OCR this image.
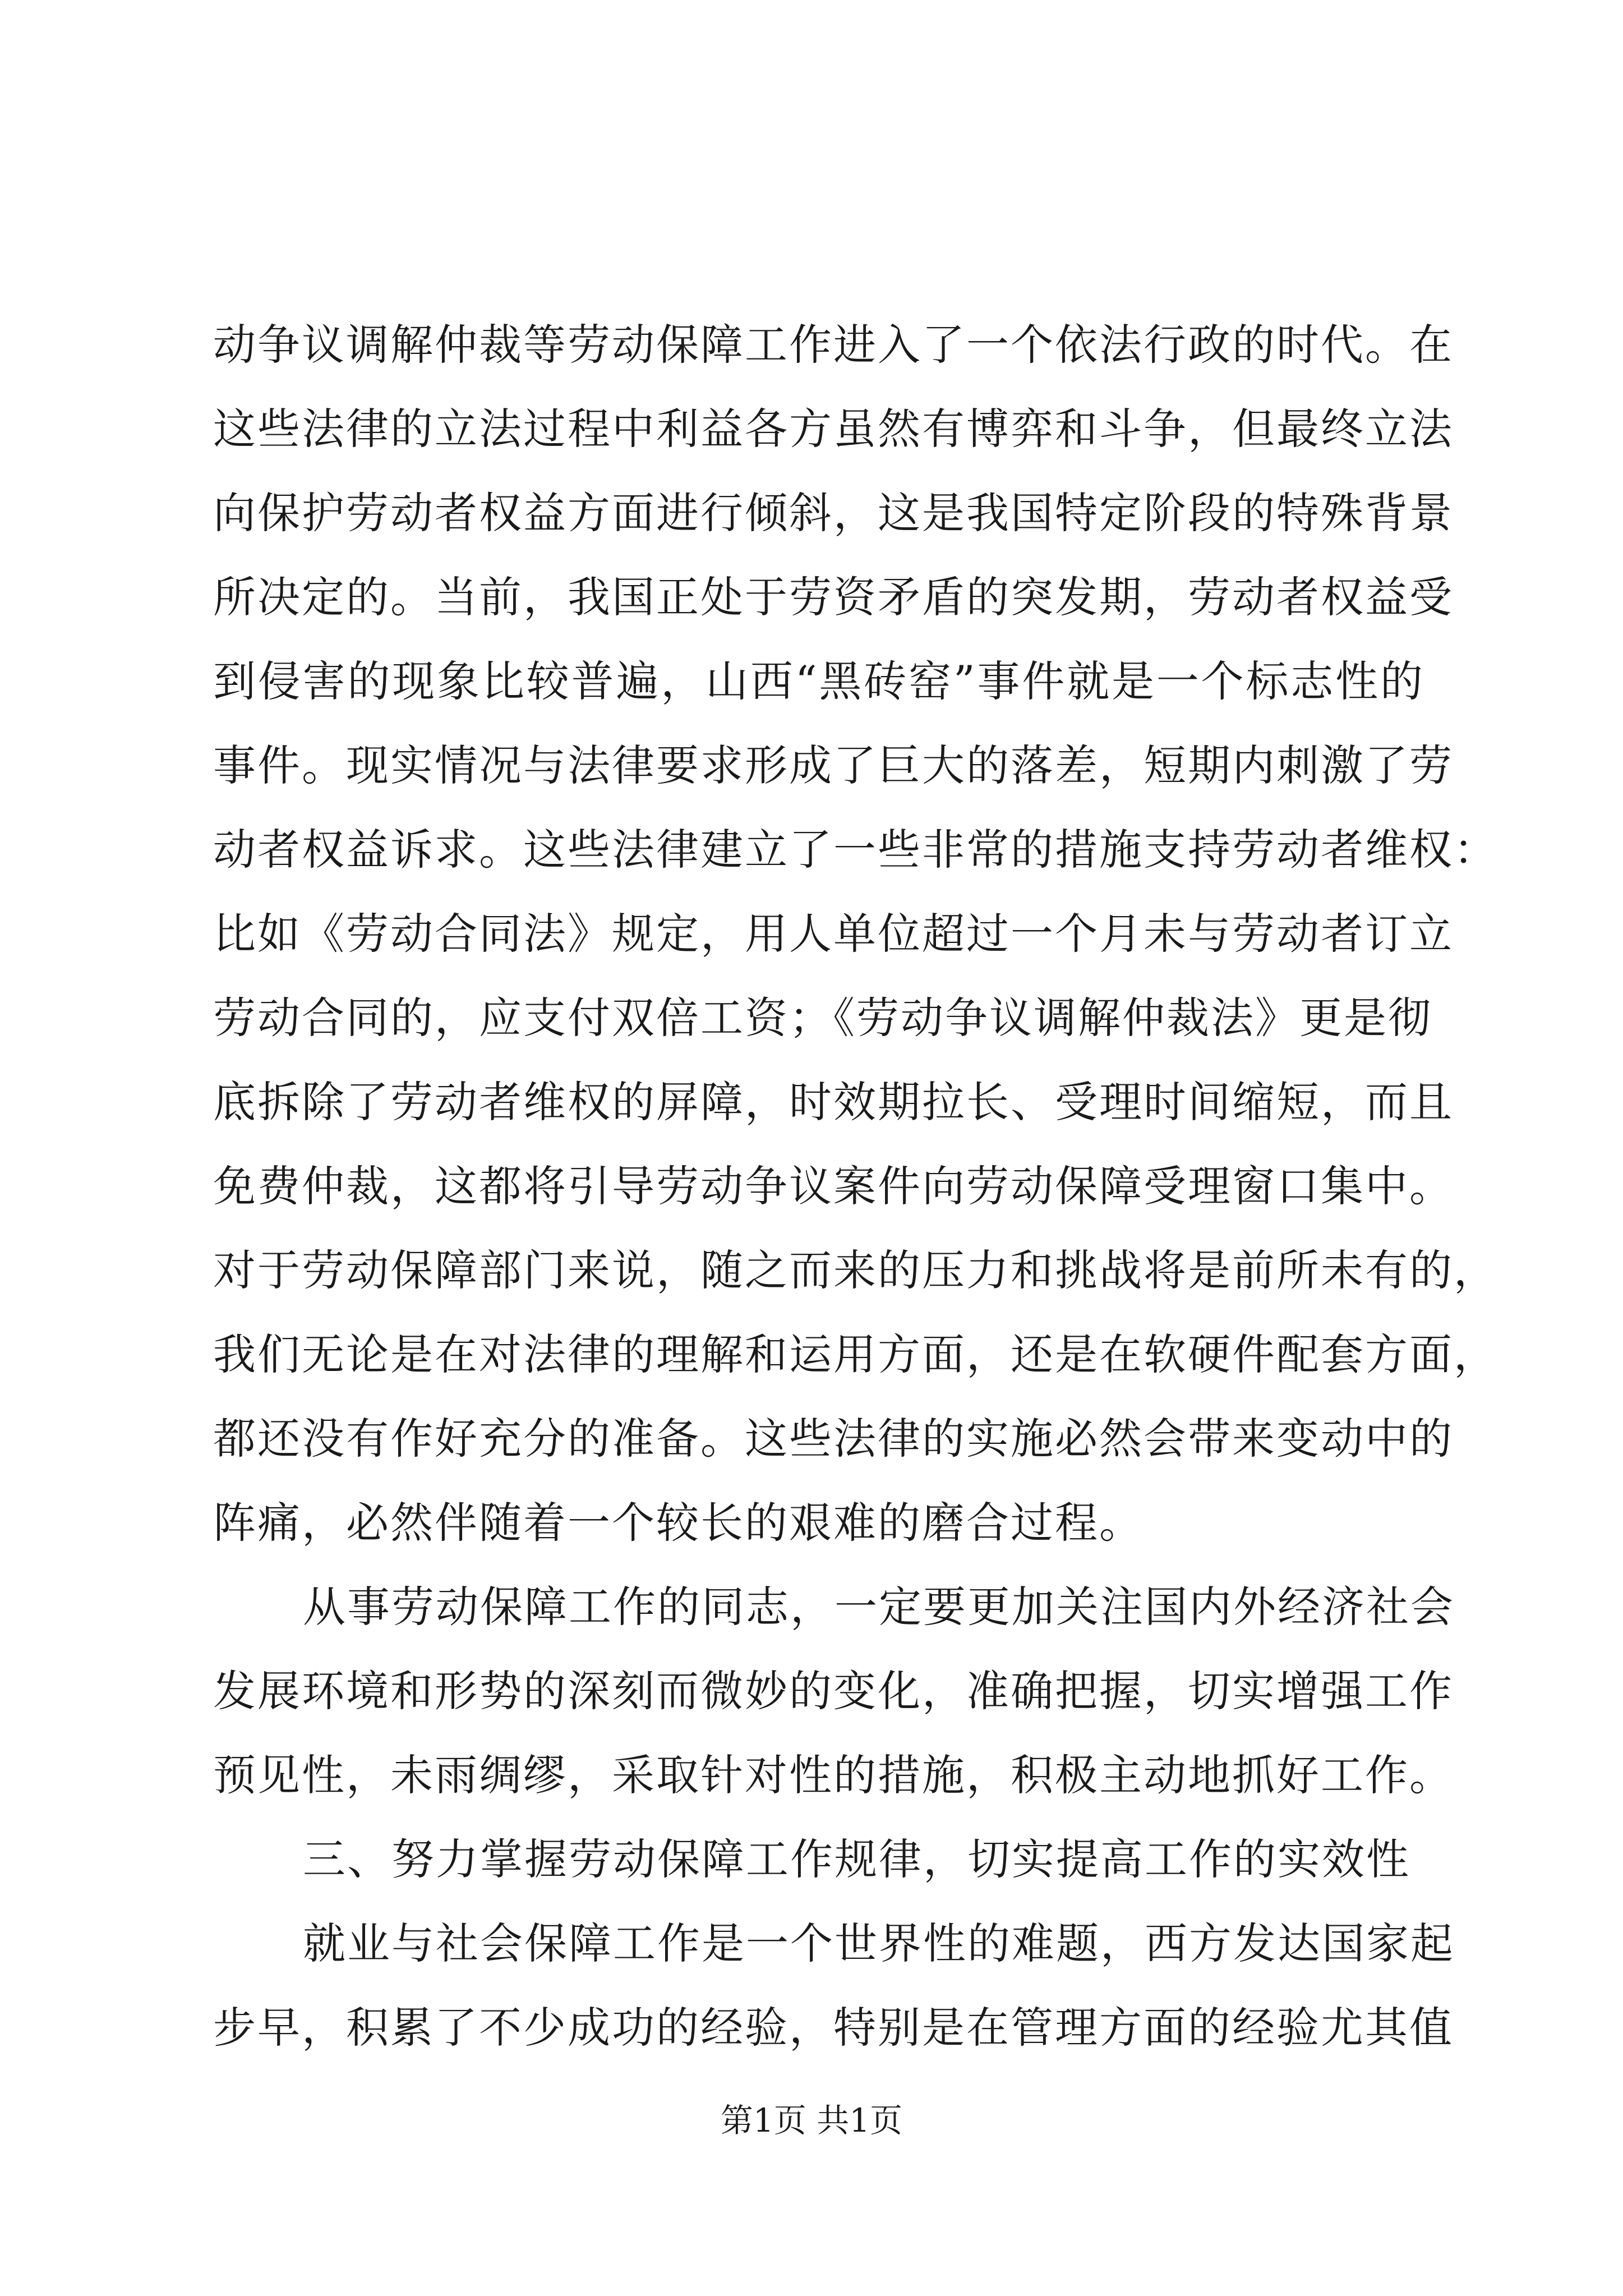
动争议调解仲裁等劳动保障工作进入了一个依法行政的时代。在
这些法律的立法过程中利益各方虽然有博弈和斗争，但最终立法
向保护劳动者权益方面进行倾斜，这是我国特定阶段的特殊背景
所决定的。当前，我国正处于劳资矛盾的突发期，劳动者权益受
到侵害的现象比较普遍，山西“黑砖窑”事件就是一个标志性的
事件。现实情况与法律要求形成了巨大的落差，短期内刺激了劳
动者权益诉求。这些法律建立了一些非常的措施支持劳动者维权：
比如《劳动合同法》规定，用人单位超过一个月未与劳动者订立
劳动合同的，应支付双倍工资；《劳动争议调解仲裁法》更是彻
底拆除了劳动者维权的屏障，时效期拉长、受理时间缩短，而且
免费仲裁，这都将引导劳动争议案件向劳动保障受理窗口集中。
对于劳动保障部门来说，随之而来的压力和挑战将是前所未有的，
我们无论是在对法律的理解和运用方面，还是在软硬件配套方面，
都还没有作好充分的准备。这些法律的实施必然会带来变动中的
阵痛，必然伴随着一个较长的艰难的磨合过程。
从事劳动保障工作的同志，一定要更加关注国内外经济社会
发展环境和形势的深刻而微妙的变化，准确把握，切实增强工作
预见性，未雨绸缪，采取针对性的措施，积极主动地抓好工作。
三、努力掌握劳动保障工作规律，切实提高工作的实效性
就业与社会保障工作是一个世界性的难题，西方发达国家起
步早，积累了不少成功的经验，特别是在管理方面的经验尤其值
第1页 共1页
